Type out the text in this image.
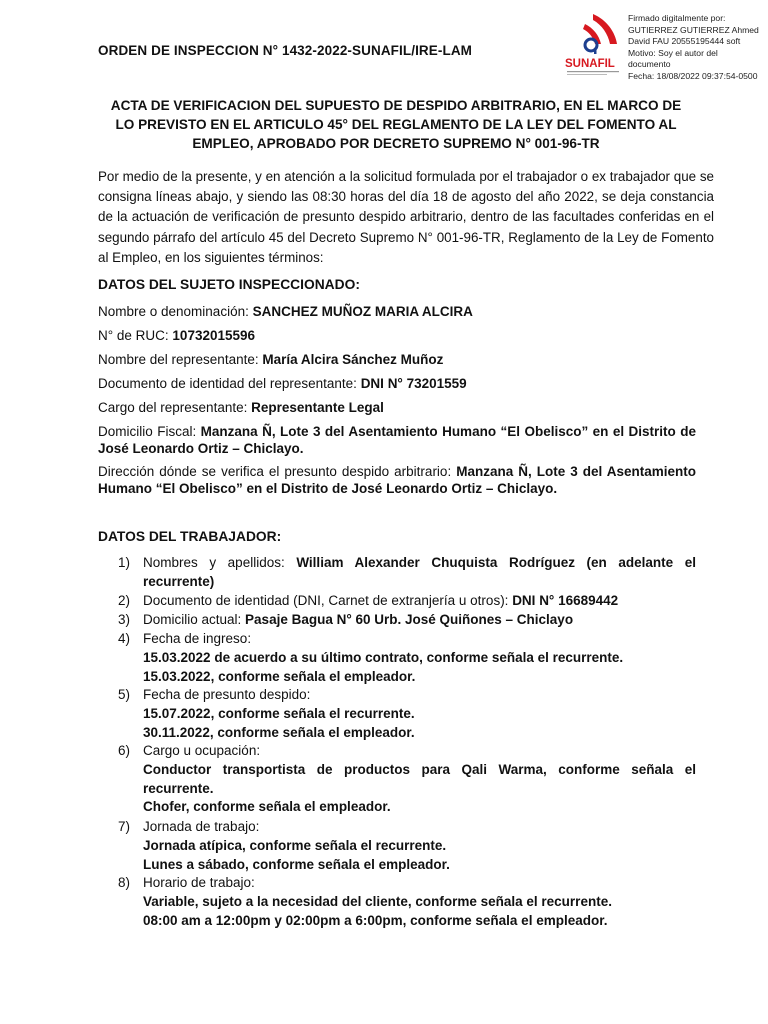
SUNAFIL
Firmado digitalmente por:
GUTIERREZ GUTIERREZ Ahmed
David FAU 20555195444 soft
Motivo: Soy el autor del
documento
Fecha: 18/08/2022 09:37:54-0500
ORDEN DE INSPECCION N° 1432-2022-SUNAFIL/IRE-LAM
ACTA DE VERIFICACION DEL SUPUESTO DE DESPIDO ARBITRARIO, EN EL MARCO DE
LO PREVISTO EN EL ARTICULO 45° DEL REGLAMENTO DE LA LEY DEL FOMENTO AL
EMPLEO, APROBADO POR DECRETO SUPREMO N° 001-96-TR
Por medio de la presente, y en atención a la solicitud formulada por el trabajador o ex trabajador que se consigna líneas abajo, y siendo las 08:30 horas del día 18 de agosto del año 2022, se deja constancia de la actuación de verificación de presunto despido arbitrario, dentro de las facultades conferidas en el segundo párrafo del artículo 45 del Decreto Supremo N° 001-96-TR, Reglamento de la Ley de Fomento al Empleo, en los siguientes términos:
DATOS DEL SUJETO INSPECCIONADO:
Nombre o denominación: SANCHEZ MUÑOZ MARIA ALCIRA
N° de RUC: 10732015596
Nombre del representante: María Alcira Sánchez Muñoz
Documento de identidad del representante: DNI N° 73201559
Cargo del representante: Representante Legal
Domicilio Fiscal: Manzana Ñ, Lote 3 del Asentamiento Humano “El Obelisco” en el Distrito de José Leonardo Ortiz – Chiclayo.
Dirección dónde se verifica el presunto despido arbitrario: Manzana Ñ, Lote 3 del Asentamiento Humano “El Obelisco” en el Distrito de José Leonardo Ortiz – Chiclayo.
DATOS DEL TRABAJADOR:
1) Nombres y apellidos: William Alexander Chuquista Rodríguez (en adelante el recurrente)
2) Documento de identidad (DNI, Carnet de extranjería u otros): DNI N° 16689442
3) Domicilio actual: Pasaje Bagua N° 60 Urb. José Quiñones – Chiclayo
4) Fecha de ingreso:
15.03.2022 de acuerdo a su último contrato, conforme señala el recurrente.
15.03.2022, conforme señala el empleador.
5) Fecha de presunto despido:
15.07.2022, conforme señala el recurrente.
30.11.2022, conforme señala el empleador.
6) Cargo u ocupación:
Conductor transportista de productos para Qali Warma, conforme señala el recurrente.
Chofer, conforme señala el empleador.
7) Jornada de trabajo:
Jornada atípica, conforme señala el recurrente.
Lunes a sábado, conforme señala el empleador.
8) Horario de trabajo:
Variable, sujeto a la necesidad del cliente, conforme señala el recurrente.
08:00 am a 12:00pm y 02:00pm a 6:00pm, conforme señala el empleador.
